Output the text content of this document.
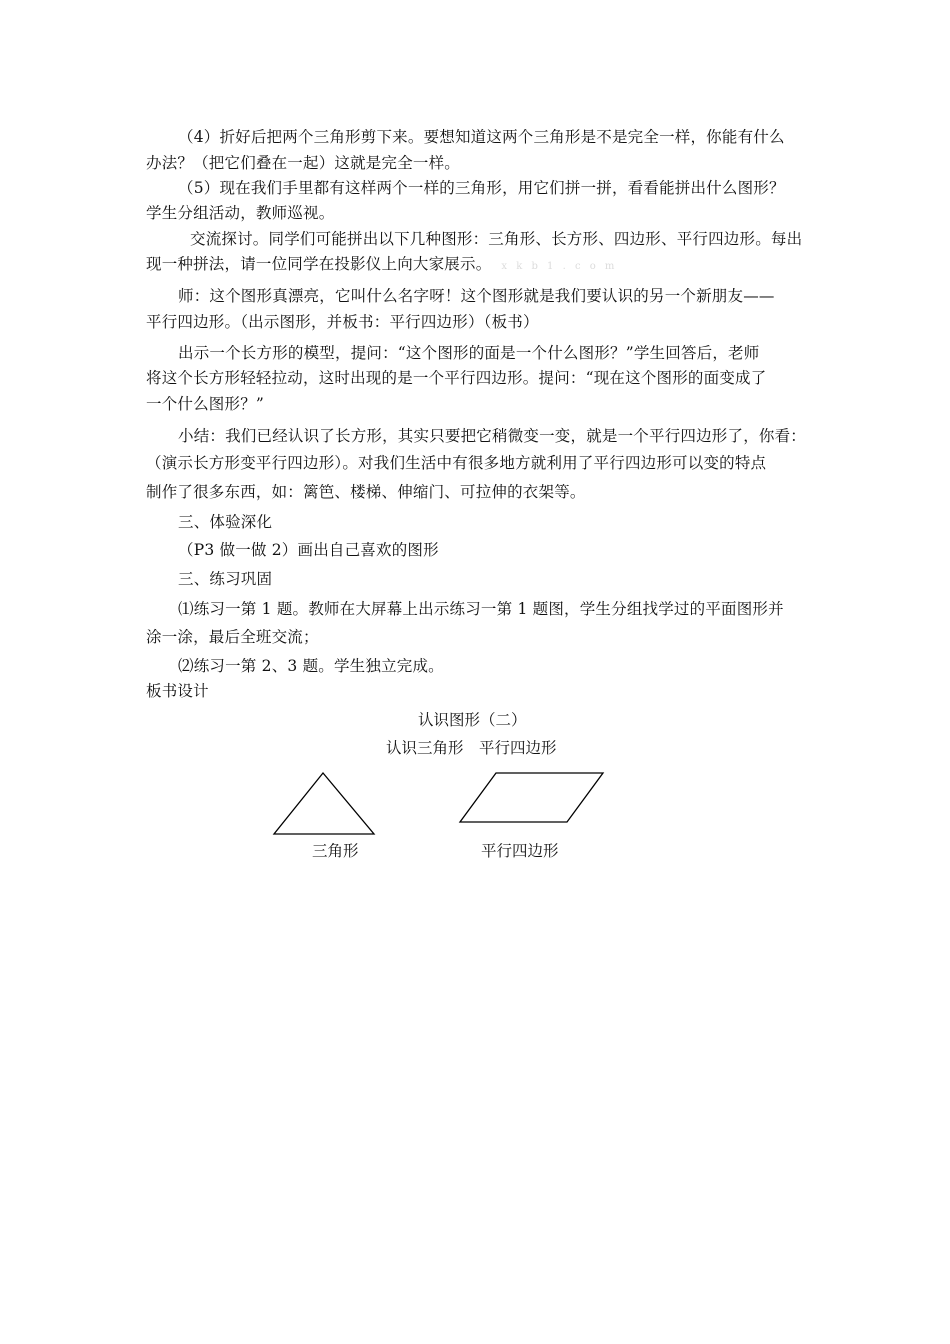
（4）折好后把两个三角形剪下来。要想知道这两个三角形是不是完全一样，你能有什么
办法？（把它们叠在一起）这就是完全一样。
（5）现在我们手里都有这样两个一样的三角形，用它们拼一拼，看看能拼出什么图形？
学生分组活动，教师巡视。
交流探讨。同学们可能拼出以下几种图形：三角形、长方形、四边形、平行四边形。每出
现一种拼法，请一位同学在投影仪上向大家展示。 x k b 1 . c o m
师：这个图形真漂亮，它叫什么名字呀！这个图形就是我们要认识的另一个新朋友——
平行四边形。（出示图形，并板书：平行四边形）（板书）
出示一个长方形的模型，提问：“这个图形的面是一个什么图形？”学生回答后，老师
将这个长方形轻轻拉动，这时出现的是一个平行四边形。提问：“现在这个图形的面变成了
一个什么图形？”
小结：我们已经认识了长方形，其实只要把它稍微变一变，就是一个平行四边形了，你看：
（演示长方形变平行四边形）。对我们生活中有很多地方就利用了平行四边形可以变的特点
制作了很多东西，如：篱笆、楼梯、伸缩门、可拉伸的衣架等。
三、体验深化
（P3 做一做 2）画出自己喜欢的图形
三、练习巩固
⑴练习一第 1 题。教师在大屏幕上出示练习一第 1 题图，学生分组找学过的平面图形并
涂一涂，最后全班交流；
⑵练习一第 2、3 题。学生独立完成。
板书设计
认识图形（二）
认识三角形　平行四边形
三角形	平行四边形
